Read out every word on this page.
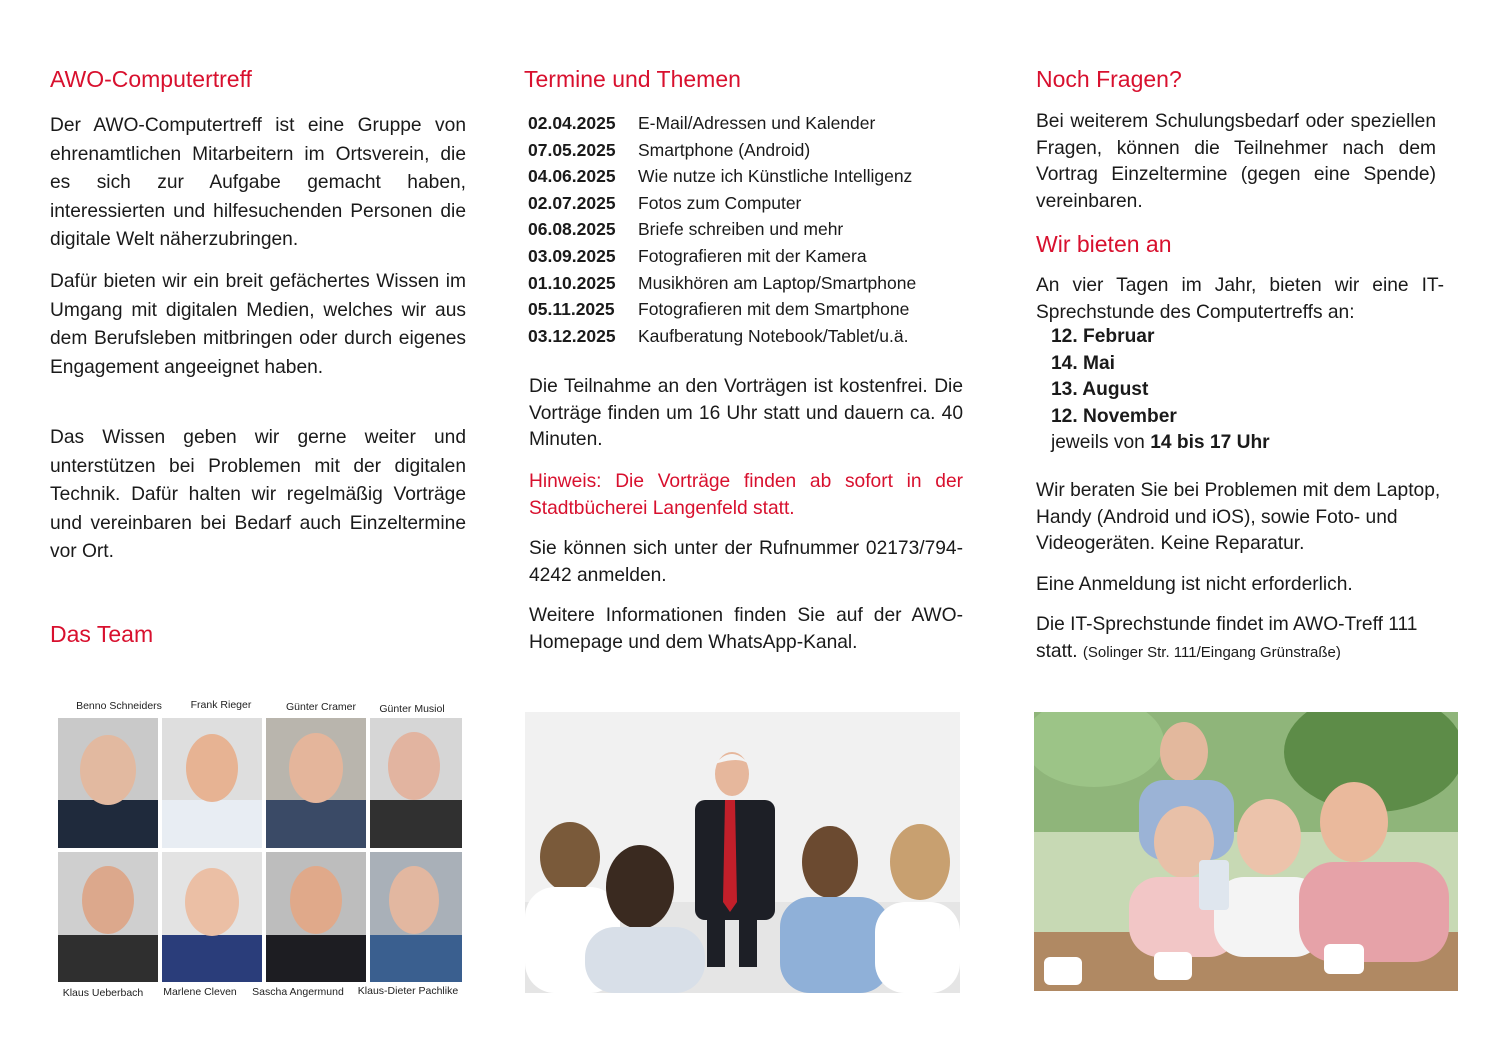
AWO-Computertreff

Der AWO-Computertreff ist eine Gruppe von ehrenamtlichen Mitarbeitern im Ortsverein, die es sich zur Aufgabe gemacht haben, interessierten und hilfesuchenden Personen die digitale Welt näherzubringen.

Dafür bieten wir ein breit gefächertes Wissen im Umgang mit digitalen Medien, welches wir aus dem Berufsleben mitbringen oder durch eigenes Engagement angeeignet haben.

Das Wissen geben wir gerne weiter und unterstützen bei Problemen mit der digitalen Technik. Dafür halten wir regelmäßig Vorträge und vereinbaren bei Bedarf auch Einzeltermine vor Ort.

Das Team
Benno Schneiders	Frank Rieger	Günter Cramer	Günter Musiol
Klaus Ueberbach	Marlene Cleven	Sascha Angermund	Klaus-Dieter Pachlike
Termine und Themen
02.04.2025 E-Mail/Adressen und Kalender
07.05.2025 Smartphone (Android)
04.06.2025 Wie nutze ich Künstliche Intelligenz
02.07.2025 Fotos zum Computer
06.08.2025 Briefe schreiben und mehr
03.09.2025 Fotografieren mit der Kamera
01.10.2025 Musikhören am Laptop/Smartphone
05.11.2025 Fotografieren mit dem Smartphone
03.12.2025 Kaufberatung Notebook/Tablet/u.ä.

Die Teilnahme an den Vorträgen ist kostenfrei. Die Vorträge finden um 16 Uhr statt und dauern ca. 40 Minuten.

Hinweis: Die Vorträge finden ab sofort in der Stadtbücherei Langenfeld statt.

Sie können sich unter der Rufnummer 02173/794-4242 anmelden.

Weitere Informationen finden Sie auf der AWO-Homepage und dem WhatsApp-Kanal.

Noch Fragen?

Bei weiterem Schulungsbedarf oder speziellen Fragen, können die Teilnehmer nach dem Vortrag Einzeltermine (gegen eine Spende) vereinbaren.

Wir bieten an

An vier Tagen im Jahr, bieten wir eine IT-Sprechstunde des Computertreffs an:

12. Februar
14. Mai
13. August
12. November
jeweils von 14 bis 17 Uhr

Wir beraten Sie bei Problemen mit dem Laptop, Handy (Android und iOS), sowie Foto- und Videogeräten. Keine Reparatur.

Eine Anmeldung ist nicht erforderlich.

Die IT-Sprechstunde findet im AWO-Treff 111 statt. (Solinger Str. 111/Eingang Grünstraße)
